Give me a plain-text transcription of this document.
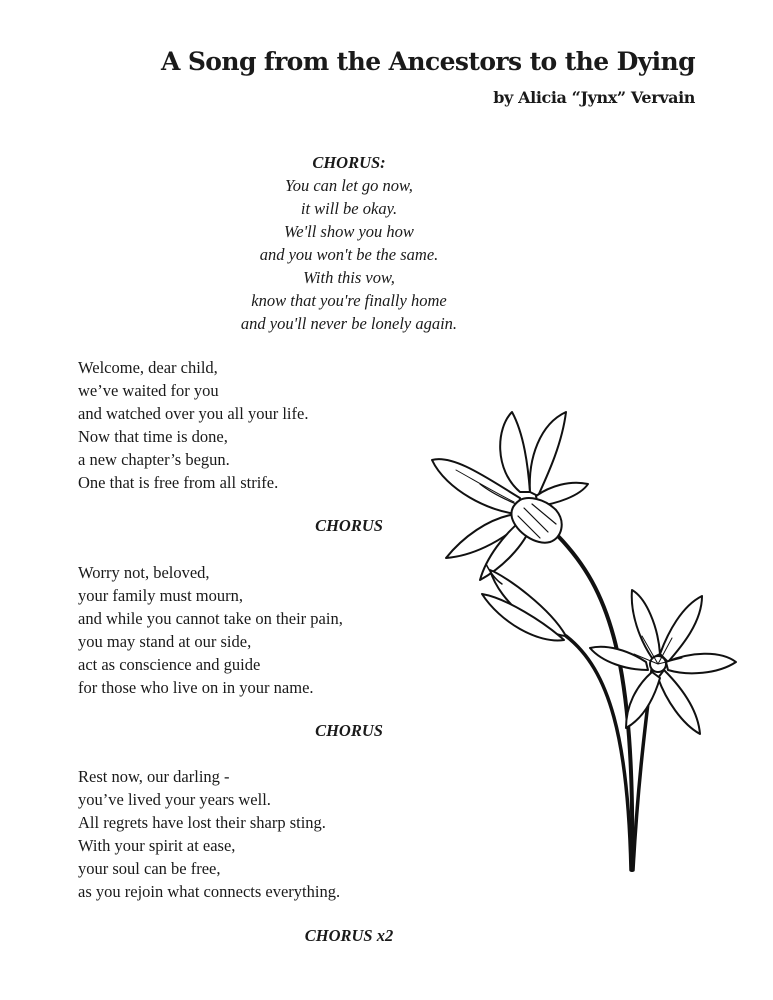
A Song from the Ancestors to the Dying
by Alicia “Jynx” Vervain
CHORUS:
You can let go now,
it will be okay.
We'll show you how
and you won't be the same.
With this vow,
know that you're finally home
and you'll never be lonely again.
Welcome, dear child,
we’ve waited for you
and watched over you all your life.
Now that time is done,
a new chapter’s begun.
One that is free from all strife.
CHORUS
Worry not, beloved,
your family must mourn,
and while you cannot take on their pain,
you may stand at our side,
act as conscience and guide
for those who live on in your name.
CHORUS
Rest now, our darling -
you’ve lived your years well.
All regrets have lost their sharp sting.
With your spirit at ease,
your soul can be free,
as you rejoin what connects everything.
CHORUS x2
